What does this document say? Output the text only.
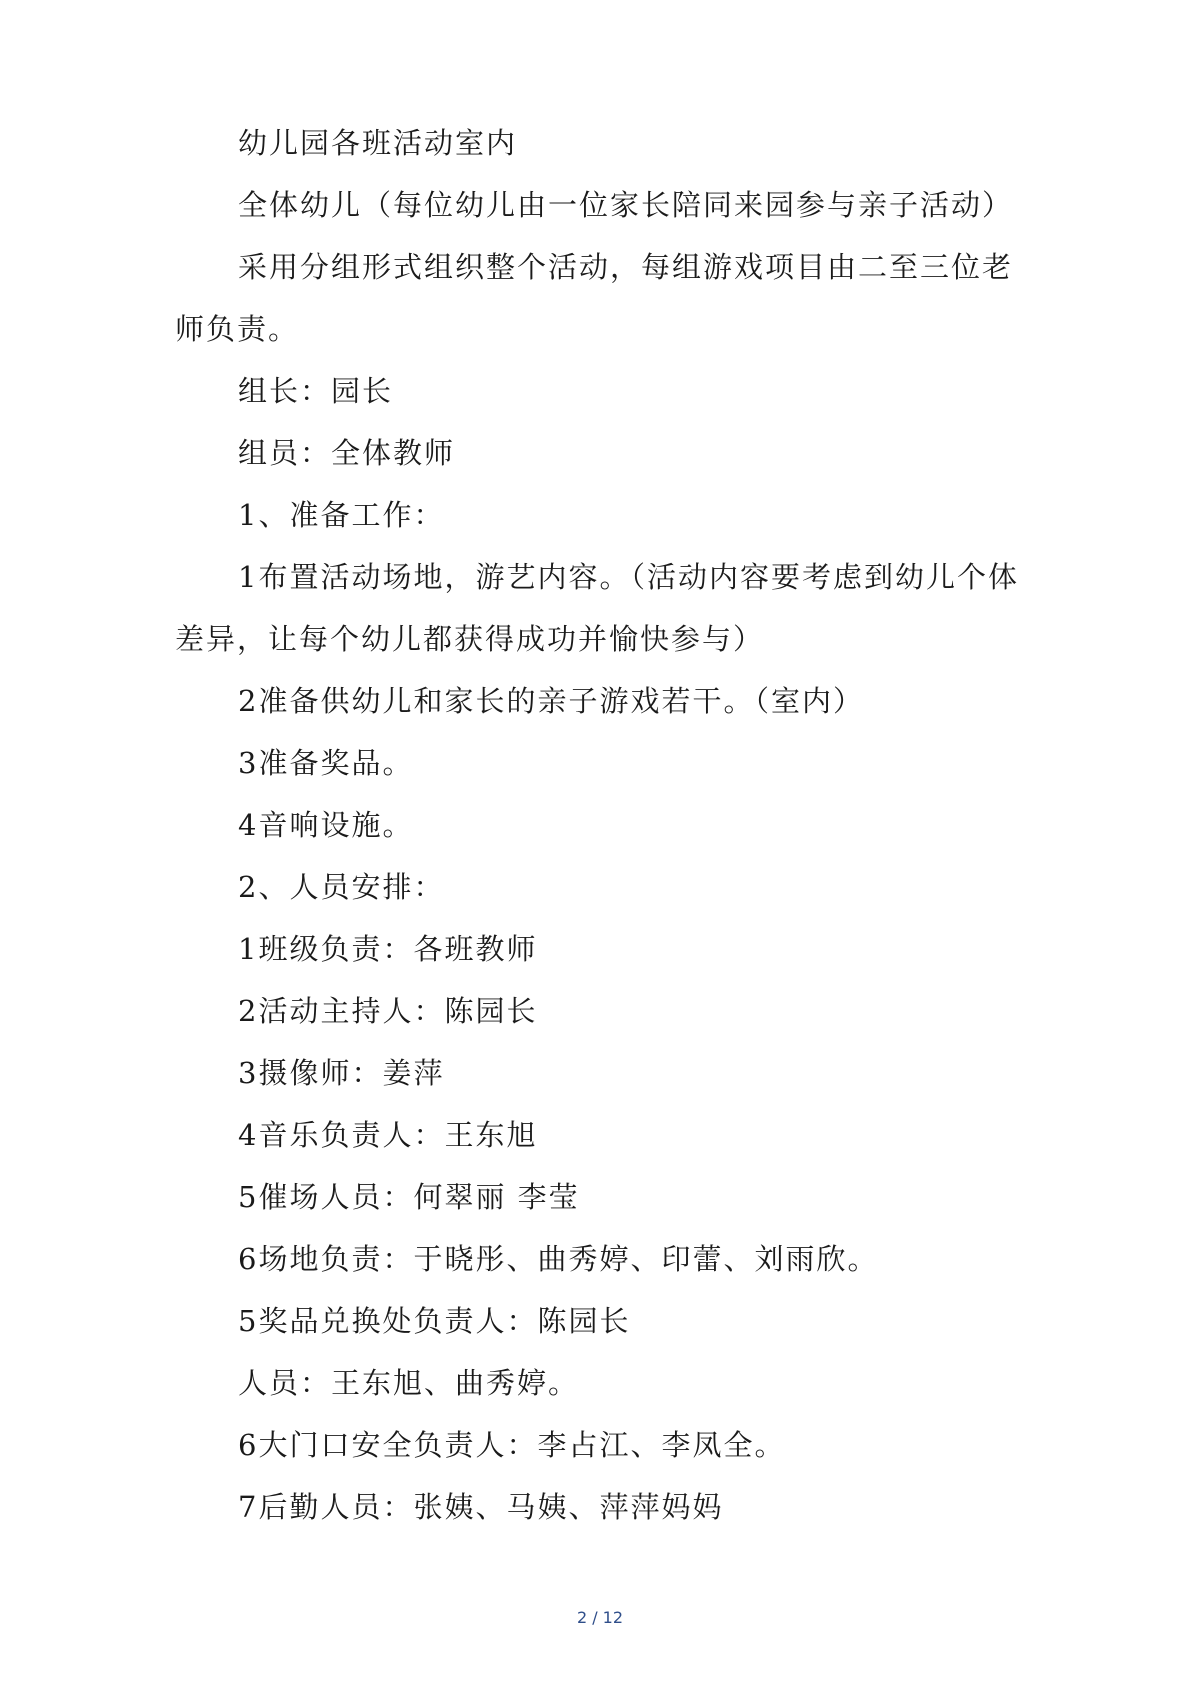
幼儿园各班活动室内

全体幼儿（每位幼儿由一位家长陪同来园参与亲子活动）

采用分组形式组织整个活动，每组游戏项目由二至三位老师负责。

组长：园长

组员：全体教师

1、准备工作：

1布置活动场地，游艺内容。（活动内容要考虑到幼儿个体差异，让每个幼儿都获得成功并愉快参与）

2准备供幼儿和家长的亲子游戏若干。（室内）

3准备奖品。

4音响设施。

2、人员安排：

1班级负责：各班教师

2活动主持人：陈园长

3摄像师：姜萍

4音乐负责人：王东旭

5催场人员：何翠丽 李莹

6场地负责：于晓彤、曲秀婷、印蕾、刘雨欣。

5奖品兑换处负责人：陈园长

人员：王东旭、曲秀婷。

6大门口安全负责人：李占江、李凤全。

7后勤人员：张姨、马姨、萍萍妈妈

2 / 12
